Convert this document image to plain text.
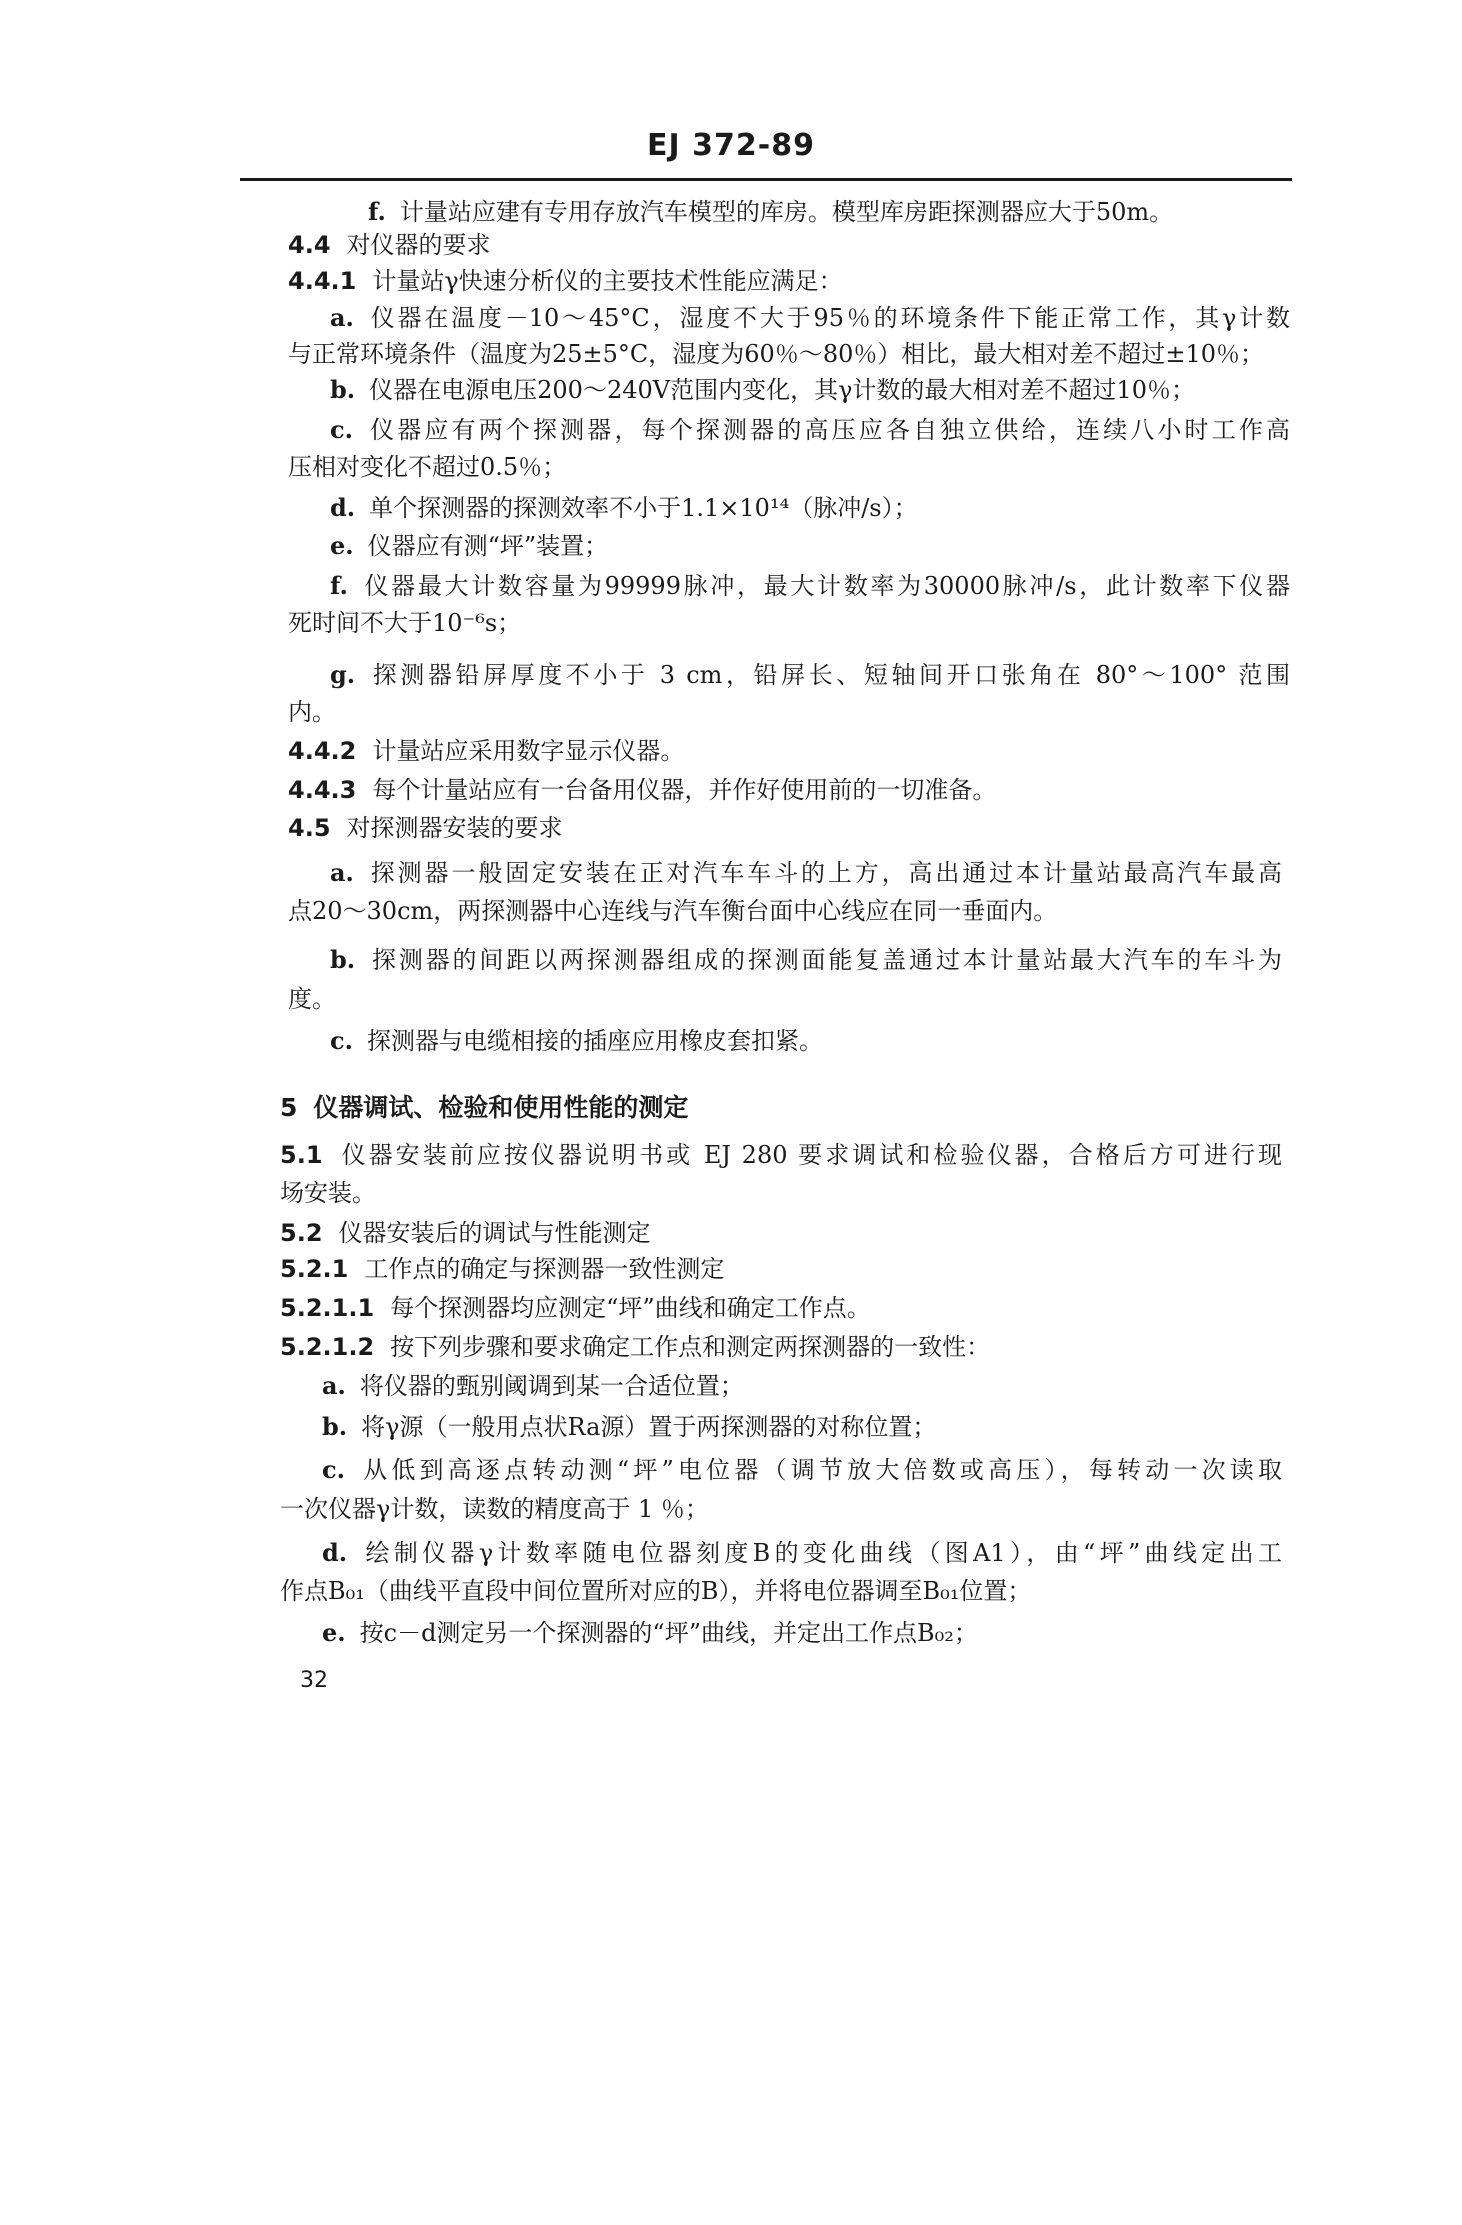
EJ 372-89
f. 计量站应建有专用存放汽车模型的库房。模型库房距探测器应大于50m。
4.4 对仪器的要求
4.4.1 计量站γ快速分析仪的主要技术性能应满足：
a. 仪器在温度－10～45°C，湿度不大于95％的环境条件下能正常工作，其γ计数
与正常环境条件（温度为25±5°C，湿度为60％～80％）相比，最大相对差不超过±10％；
b. 仪器在电源电压200～240V范围内变化，其γ计数的最大相对差不超过10％；
c. 仪器应有两个探测器，每个探测器的高压应各自独立供给，连续八小时工作高
压相对变化不超过0.5％；
d. 单个探测器的探测效率不小于1.1×10¹⁴（脉冲/s）；
e. 仪器应有测“坪”装置；
f. 仪器最大计数容量为99999脉冲，最大计数率为30000脉冲/s，此计数率下仪器
死时间不大于10⁻⁶s；
g. 探测器铅屏厚度不小于 3 cm，铅屏长、短轴间开口张角在 80°～100° 范围
内。
4.4.2 计量站应采用数字显示仪器。
4.4.3 每个计量站应有一台备用仪器，并作好使用前的一切准备。
4.5 对探测器安装的要求
a. 探测器一般固定安装在正对汽车车斗的上方，高出通过本计量站最高汽车最高
点20～30cm，两探测器中心连线与汽车衡台面中心线应在同一垂面内。
b. 探测器的间距以两探测器组成的探测面能复盖通过本计量站最大汽车的车斗为
度。
c. 探测器与电缆相接的插座应用橡皮套扣紧。
5 仪器调试、检验和使用性能的测定
5.1 仪器安装前应按仪器说明书或 EJ 280 要求调试和检验仪器，合格后方可进行现
场安装。
5.2 仪器安装后的调试与性能测定
5.2.1 工作点的确定与探测器一致性测定
5.2.1.1 每个探测器均应测定“坪”曲线和确定工作点。
5.2.1.2 按下列步骤和要求确定工作点和测定两探测器的一致性：
a. 将仪器的甄别阈调到某一合适位置；
b. 将γ源（一般用点状Ra源）置于两探测器的对称位置；
c. 从低到高逐点转动测“坪”电位器（调节放大倍数或高压），每转动一次读取
一次仪器γ计数，读数的精度高于 1 ％；
d. 绘制仪器γ计数率随电位器刻度B的变化曲线（图A1），由“坪”曲线定出工
作点B₀₁（曲线平直段中间位置所对应的B），并将电位器调至B₀₁位置；
e. 按c－d测定另一个探测器的“坪”曲线，并定出工作点B₀₂；
32
